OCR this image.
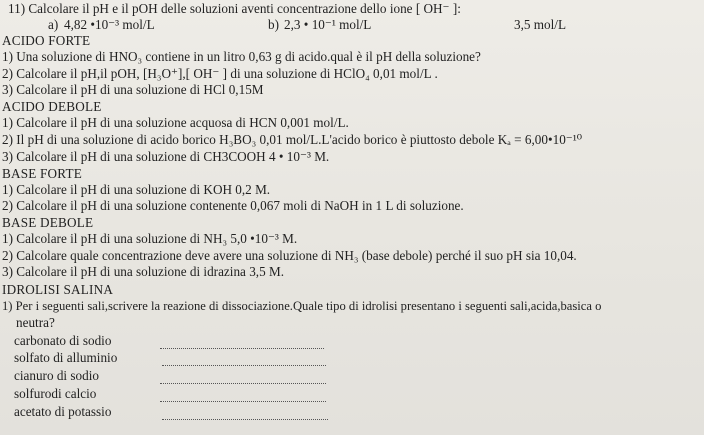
11) Calcolare il pH e il pOH delle soluzioni aventi concentrazione dello ione [ OH⁻ ]:
a) 4,82 •10⁻³ mol/L	b) 2,3 • 10⁻¹ mol/L	3,5 mol/L
ACIDO FORTE
1) Una soluzione di HNO₃ contiene in un litro 0,63 g di acido.qual è il pH della soluzione?
2) Calcolare il pH,il pOH, [H₃O⁺],[ OH⁻ ] di una soluzione di HClO₄ 0,01 mol/L .
3) Calcolare il pH di una soluzione di HCl 0,15M
ACIDO DEBOLE
1) Calcolare il pH di una soluzione acquosa di HCN 0,001 mol/L.
2) Il pH di una soluzione di acido borico H₃BO₃ 0,01 mol/L.L'acido borico è piuttosto debole Kₐ = 6,00•10⁻¹⁰
3) Calcolare il pH di una soluzione di CH3COOH 4 • 10⁻³ M.
BASE FORTE
1) Calcolare il pH di una soluzione di KOH 0,2 M.
2) Calcolare il pH di una soluzione contenente 0,067 moli di NaOH in 1 L di soluzione.
BASE DEBOLE
1) Calcolare il pH di una soluzione di NH₃ 5,0 •10⁻³ M.
2) Calcolare quale concentrazione deve avere una soluzione di NH₃ (base debole) perché il suo pH sia 10,04.
3) Calcolare il pH di una soluzione di idrazina 3,5 M.
IDROLISI SALINA
1) Per i seguenti sali,scrivere la reazione di dissociazione.Quale tipo di idrolisi presentano i seguenti sali,acida,basica o
neutra?
carbonato di sodio
solfato di alluminio
cianuro di sodio
solfurodi calcio
acetato di potassio
